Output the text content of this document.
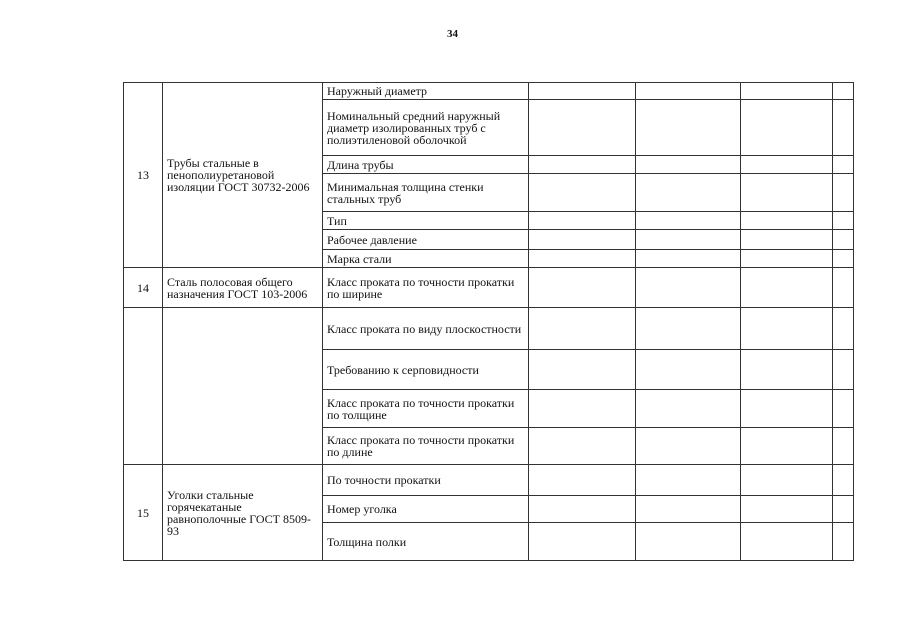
34
13	Трубы стальные в пенополиуретановой изоляции ГОСТ 30732-2006	Наружный диаметр				
		Номинальный средний наружный диаметр изолированных труб с полиэтиленовой оболочкой				
		Длина трубы				
		Минимальная толщина стенки стальных труб				
		Тип				
		Рабочее давление				
		Марка стали				
14	Сталь полосовая общего назначения ГОСТ 103-2006	Класс проката по точности прокатки по ширине				
		Класс проката по виду плоскостности				
		Требованию к серповидности				
		Класс проката по точности прокатки по толщине				
		Класс проката по точности прокатки по длине				
15	Уголки стальные горячекатаные равнополочные ГОСТ 8509-93	По точности прокатки				
		Номер уголка				
		Толщина полки				
